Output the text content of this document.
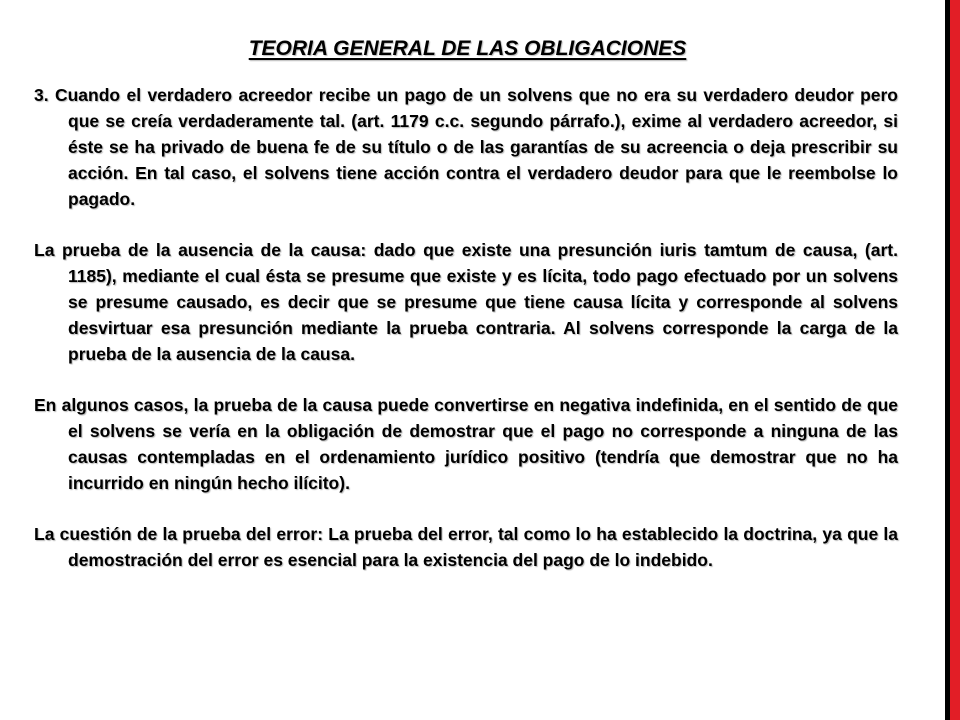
TEORIA GENERAL DE LAS OBLIGACIONES

3. Cuando el verdadero acreedor recibe un pago de un solvens que no era su verdadero deudor pero que se creía verdaderamente tal. (art. 1179 c.c. segundo párrafo.), exime al verdadero acreedor, si éste se ha privado de buena fe de su título o de las garantías de su acreencia o deja prescribir su acción. En tal caso, el solvens tiene acción contra el verdadero deudor para que le reembolse lo pagado.

La prueba de la ausencia de la causa: dado que existe una presunción iuris tamtum de causa, (art. 1185), mediante el cual ésta se presume que existe y es lícita, todo pago efectuado por un solvens se presume causado, es decir que se presume que tiene causa lícita y corresponde al solvens desvirtuar esa presunción mediante la prueba contraria. Al solvens corresponde la carga de la prueba de la ausencia de la causa.

En algunos casos, la prueba de la causa puede convertirse en negativa indefinida, en el sentido de que el solvens se vería en la obligación de demostrar que el pago no corresponde a ninguna de las causas contempladas en el ordenamiento jurídico positivo (tendría que demostrar que no ha incurrido en ningún hecho ilícito).

La cuestión de la prueba del error: La prueba del error, tal como lo ha establecido la doctrina, ya que la demostración del error es esencial para la existencia del pago de lo indebido.
